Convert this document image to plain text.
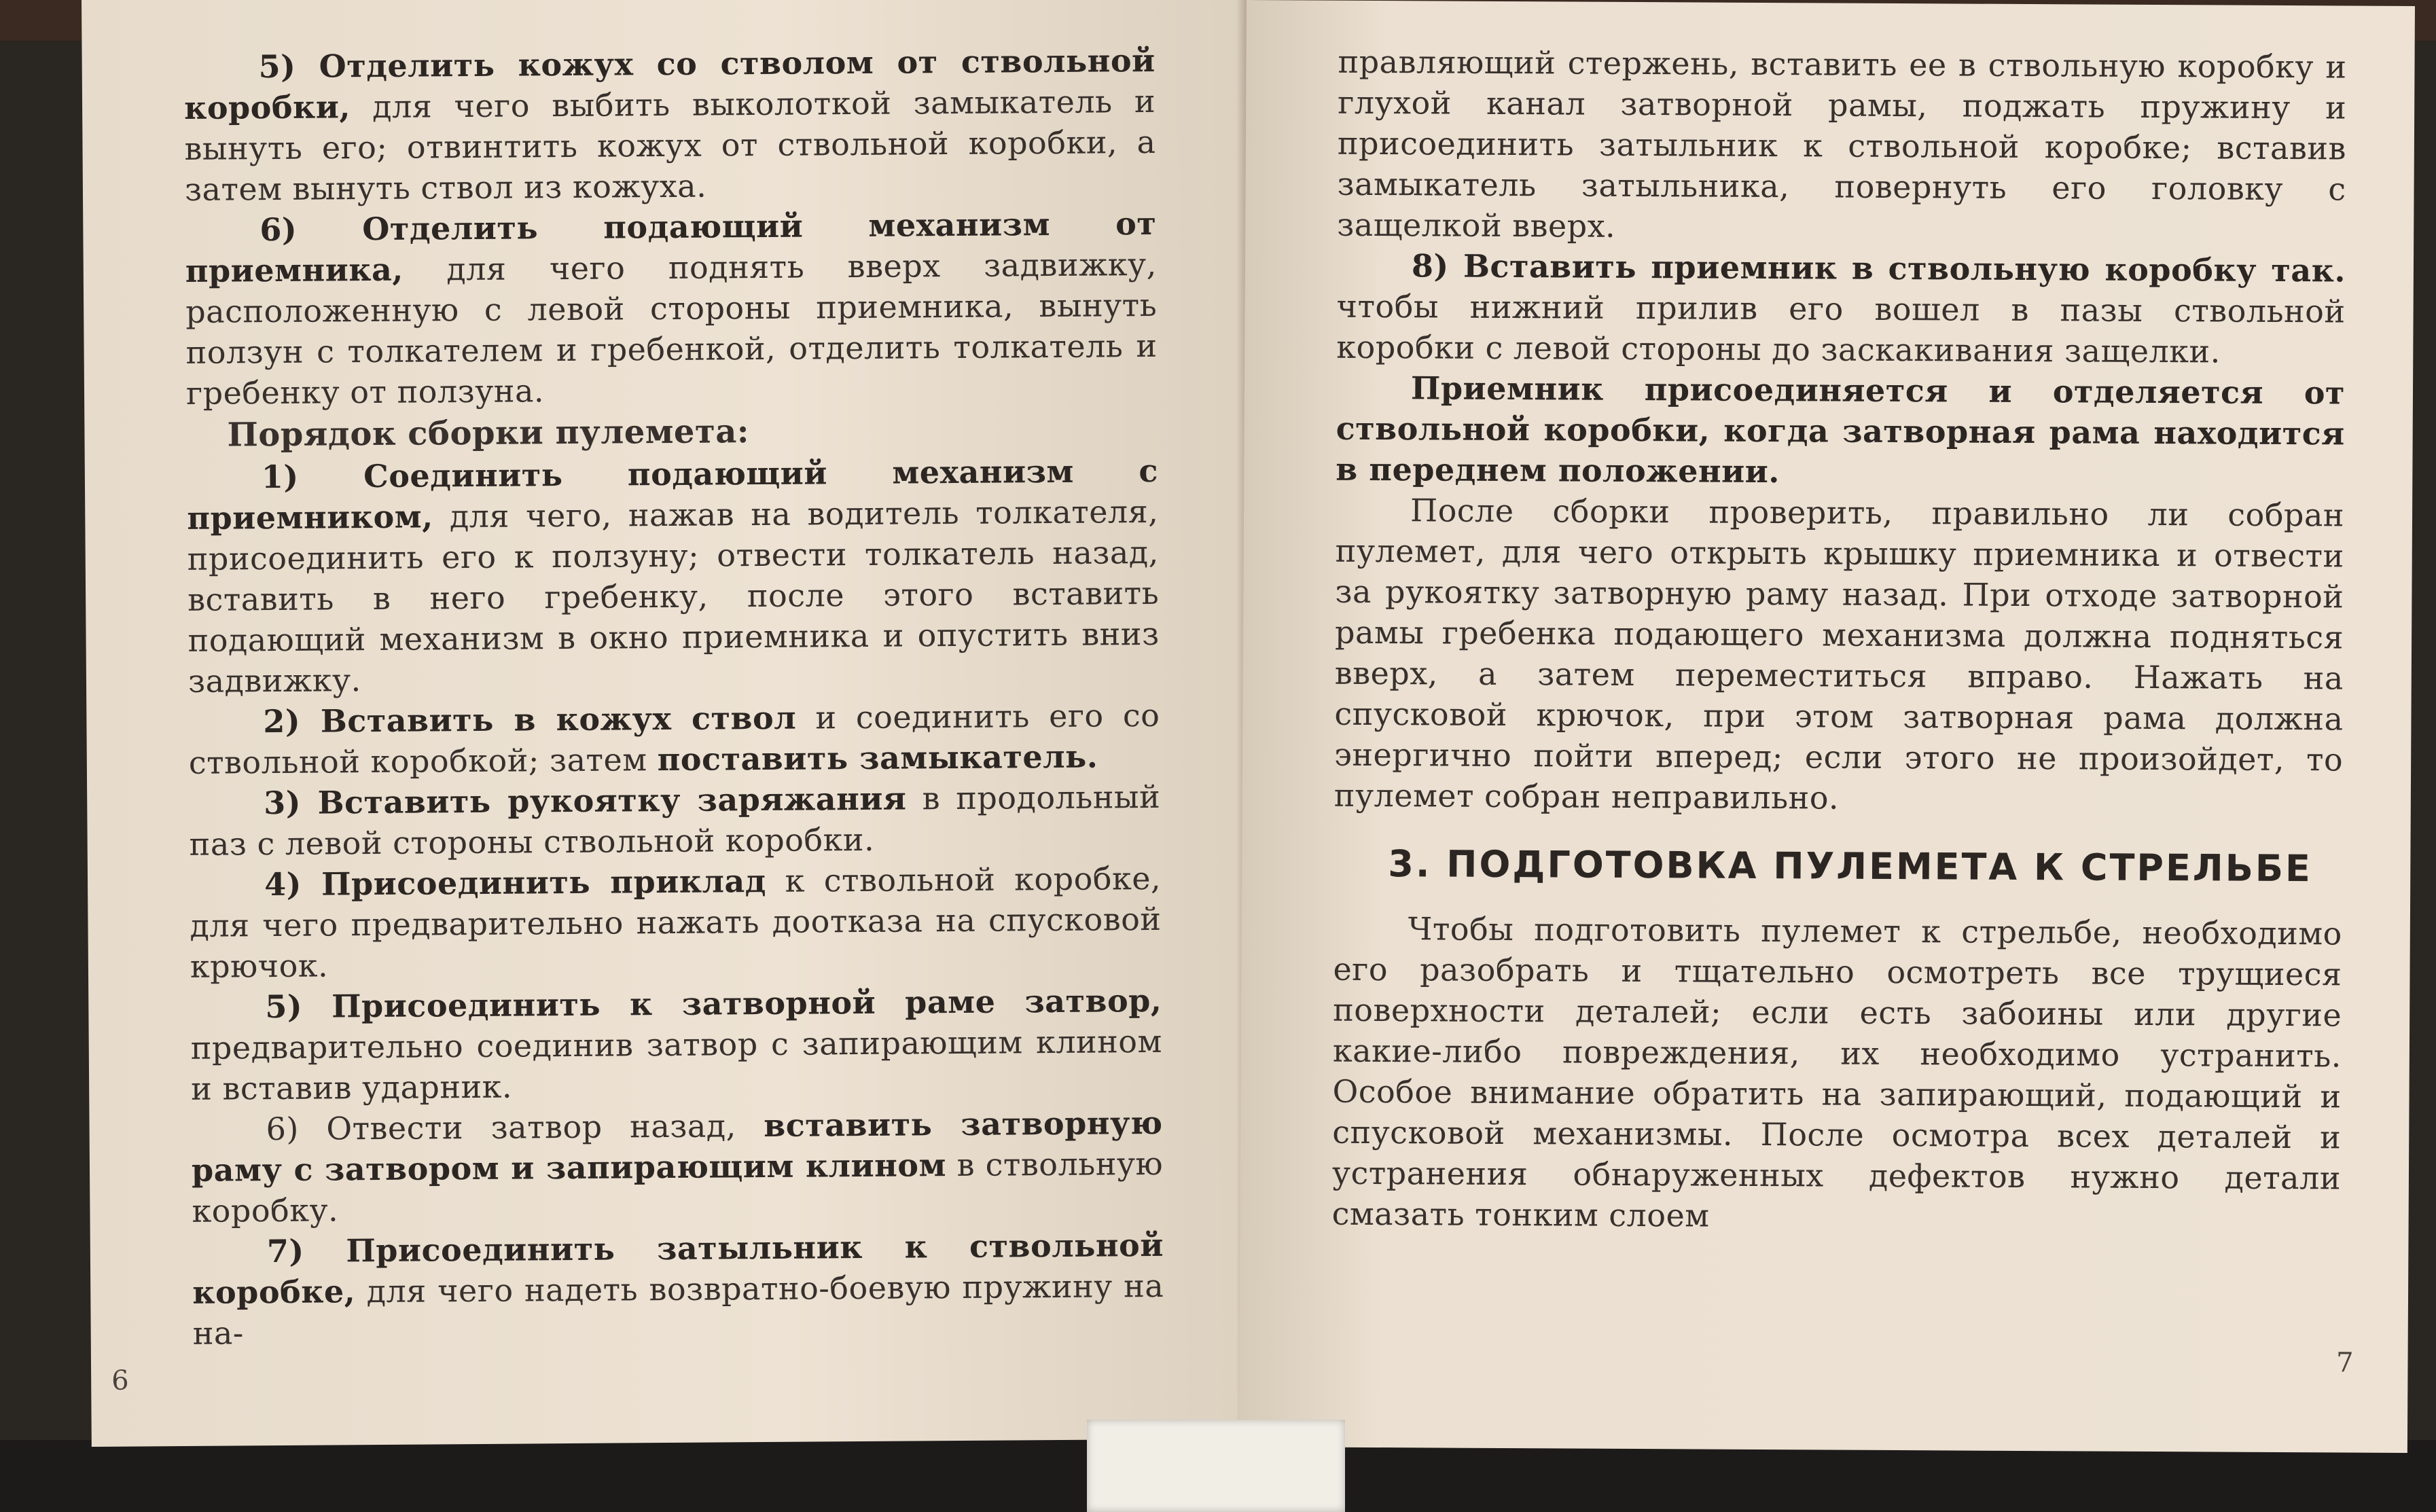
5) Отделить кожух со стволом от ствольной коробки, для чего выбить выколоткой замыкатель и вынуть его; отвинтить кожух от ствольной коробки, а затем вынуть ствол из кожуха.

6) Отделить подающий механизм от приемника, для чего поднять вверх задвижку, расположенную с левой стороны приемника, вынуть ползун с толкателем и гребенкой, отделить толкатель и гребенку от ползуна.

Порядок сборки пулемета:

1) Соединить подающий механизм с приемником, для чего, нажав на водитель толкателя, присоединить его к ползуну; отвести толкатель назад, вставить в него гребенку, после этого вставить подающий механизм в окно приемника и опустить вниз задвижку.

2) Вставить в кожух ствол и соединить его со ствольной коробкой; затем поставить замыкатель.

3) Вставить рукоятку заряжания в продольный паз с левой стороны ствольной коробки.

4) Присоединить приклад к ствольной коробке, для чего предварительно нажать доотказа на спусковой крючок.

5) Присоединить к затворной раме затвор, предварительно соединив затвор с запирающим клином и вставив ударник.

6) Отвести затвор назад, вставить затворную раму с затвором и запирающим клином в ствольную коробку.

7) Присоединить затыльник к ствольной коробке, для чего надеть возвратно-боевую пружину на на-

6

правляющий стержень, вставить ее в ствольную коробку и глухой канал затворной рамы, поджать пружину и присоединить затыльник к ствольной коробке; вставив замыкатель затыльника, повернуть его головку с защелкой вверх.

8) Вставить приемник в ствольную коробку так. чтобы нижний прилив его вошел в пазы ствольной коробки с левой стороны до заскакивания защелки.

Приемник присоединяется и отделяется от ствольной коробки, когда затворная рама находится в переднем положении.

После сборки проверить, правильно ли собран пулемет, для чего открыть крышку приемника и отвести за рукоятку затворную раму назад. При отходе затворной рамы гребенка подающего механизма должна подняться вверх, а затем переместиться вправо. Нажать на спусковой крючок, при этом затворная рама должна энергично пойти вперед; если этого не произойдет, то пулемет собран неправильно.

3. ПОДГОТОВКА ПУЛЕМЕТА К СТРЕЛЬБЕ

Чтобы подготовить пулемет к стрельбе, необходимо его разобрать и тщательно осмотреть все трущиеся поверхности деталей; если есть забоины или другие какие-либо повреждения, их необходимо устранить. Особое внимание обратить на запирающий, подающий и спусковой механизмы. После осмотра всех деталей и устранения обнаруженных дефектов нужно детали смазать тонким слоем

7
